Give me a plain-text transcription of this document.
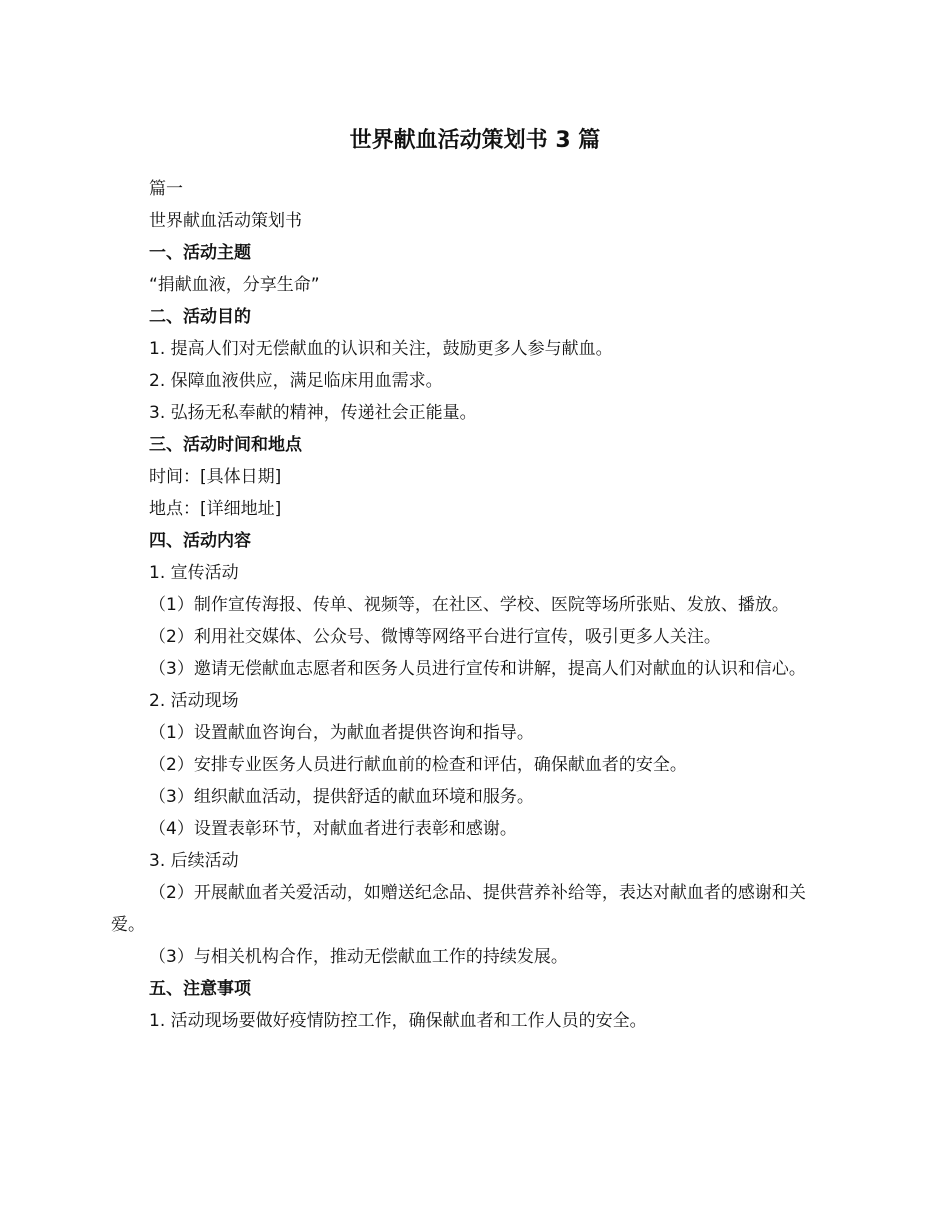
世界献血活动策划书 3 篇

篇一

世界献血活动策划书

一、活动主题

“捐献血液，分享生命”

二、活动目的

1. 提高人们对无偿献血的认识和关注，鼓励更多人参与献血。

2. 保障血液供应，满足临床用血需求。

3. 弘扬无私奉献的精神，传递社会正能量。

三、活动时间和地点

时间：[具体日期]

地点：[详细地址]

四、活动内容

1. 宣传活动

（1）制作宣传海报、传单、视频等，在社区、学校、医院等场所张贴、发放、播放。

（2）利用社交媒体、公众号、微博等网络平台进行宣传，吸引更多人关注。

（3）邀请无偿献血志愿者和医务人员进行宣传和讲解，提高人们对献血的认识和信心。

2. 活动现场

（1）设置献血咨询台，为献血者提供咨询和指导。

（2）安排专业医务人员进行献血前的检查和评估，确保献血者的安全。

（3）组织献血活动，提供舒适的献血环境和服务。

（4）设置表彰环节，对献血者进行表彰和感谢。

3. 后续活动

（2）开展献血者关爱活动，如赠送纪念品、提供营养补给等，表达对献血者的感谢和关爱。

（3）与相关机构合作，推动无偿献血工作的持续发展。

五、注意事项

1. 活动现场要做好疫情防控工作，确保献血者和工作人员的安全。
